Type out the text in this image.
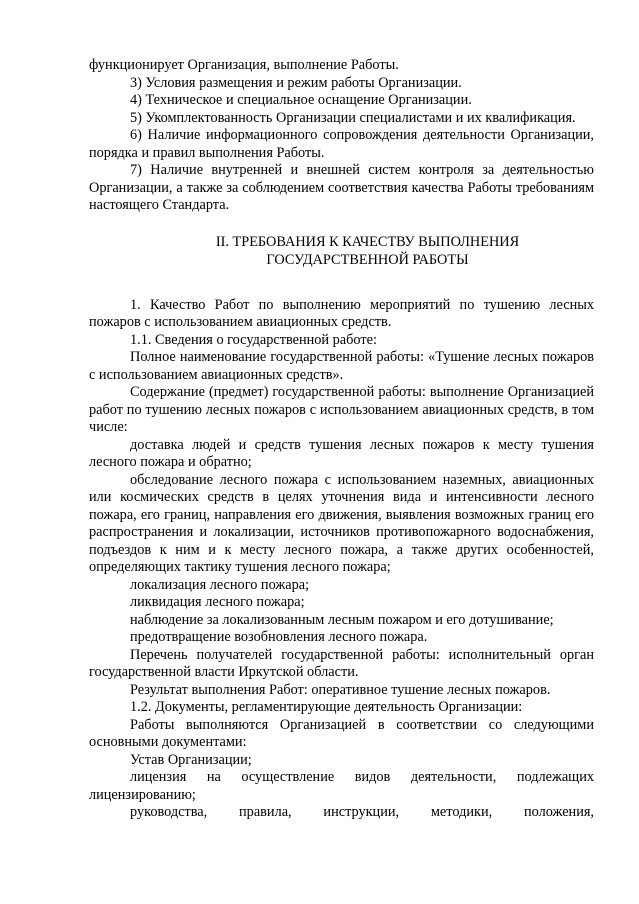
функционирует Организация, выполнение Работы.

3) Условия размещения и режим работы Организации.

4) Техническое и специальное оснащение Организации.

5) Укомплектованность Организации специалистами и их квалификация.

6) Наличие информационного сопровождения деятельности Организации, порядка и правил выполнения Работы.

7) Наличие внутренней и внешней систем контроля за деятельностью Организации, а также за соблюдением соответствия качества Работы требованиям настоящего Стандарта.

II. ТРЕБОВАНИЯ К КАЧЕСТВУ ВЫПОЛНЕНИЯ
ГОСУДАРСТВЕННОЙ РАБОТЫ

1. Качество Работ по выполнению мероприятий по тушению лесных пожаров с использованием авиационных средств.

1.1. Сведения о государственной работе:

Полное наименование государственной работы: «Тушение лесных пожаров с использованием авиационных средств».

Содержание (предмет) государственной работы: выполнение Организацией работ по тушению лесных пожаров с использованием авиационных средств, в том числе:

доставка людей и средств тушения лесных пожаров к месту тушения лесного пожара и обратно;

обследование лесного пожара с использованием наземных, авиационных или космических средств в целях уточнения вида и интенсивности лесного пожара, его границ, направления его движения, выявления возможных границ его распространения и локализации, источников противопожарного водоснабжения, подъездов к ним и к месту лесного пожара, а также других особенностей, определяющих тактику тушения лесного пожара;

локализация лесного пожара;

ликвидация лесного пожара;

наблюдение за локализованным лесным пожаром и его дотушивание;

предотвращение возобновления лесного пожара.

Перечень получателей государственной работы: исполнительный орган государственной власти Иркутской области.

Результат выполнения Работ: оперативное тушение лесных пожаров.

1.2. Документы, регламентирующие деятельность Организации:

Работы выполняются Организацией в соответствии со следующими основными документами:

Устав Организации;

лицензия на осуществление видов деятельности, подлежащих лицензированию;

руководства, правила, инструкции, методики, положения,
